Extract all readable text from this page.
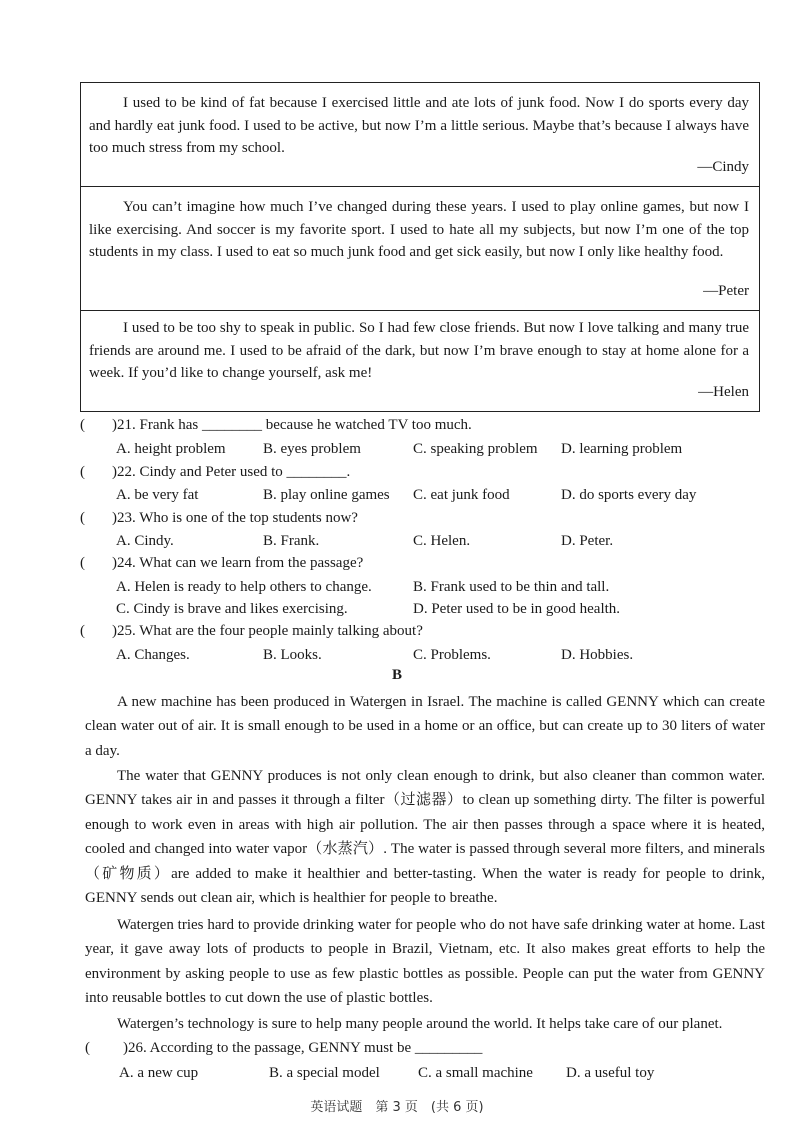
I used to be kind of fat because I exercised little and ate lots of junk food. Now I do sports every day and hardly eat junk food. I used to be active, but now I’m a little serious. Maybe that’s because I always have too much stress from my school.

—Cindy

You can’t imagine how much I’ve changed during these years. I used to play online games, but now I like exercising. And soccer is my favorite sport. I used to hate all my subjects, but now I’m one of the top students in my class. I used to eat so much junk food and get sick easily, but now I only like healthy food.

—Peter

I used to be too shy to speak in public. So I had few close friends. But now I love talking and many true friends are around me. I used to be afraid of the dark, but now I’m brave enough to stay at home alone for a week. If you’d like to change yourself, ask me!

—Helen
( )21. Frank has ________ because he watched TV too much.
A. height problem B. eyes problem	C. speaking problem D. learning problem
( )22. Cindy and Peter used to ________.
A. be very fat	B. play online games C. eat junk food	D. do sports every day
( )23. Who is one of the top students now?
A. Cindy.	B. Frank.	C. Helen.	D. Peter.
( )24. What can we learn from the passage?
A. Helen is ready to help others to change.	B. Frank used to be thin and tall.
C. Cindy is brave and likes exercising.	D. Peter used to be in good health.
( )25. What are the four people mainly talking about?
A. Changes.	B. Looks.	C. Problems.	D. Hobbies.
B

A new machine has been produced in Watergen in Israel. The machine is called GENNY which can create clean water out of air. It is small enough to be used in a home or an office, but can create up to 30 liters of water a day.

The water that GENNY produces is not only clean enough to drink, but also cleaner than common water. GENNY takes air in and passes it through a filter（过滤器）to clean up something dirty. The filter is powerful enough to work even in areas with high air pollution. The air then passes through a space where it is heated, cooled and changed into water vapor（水蒸汽）. The water is passed through several more filters, and minerals（矿物质）are added to make it healthier and better-tasting. When the water is ready for people to drink, GENNY sends out clean air, which is healthier for people to breathe.

Watergen tries hard to provide drinking water for people who do not have safe drinking water at home. Last year, it gave away lots of products to people in Brazil, Vietnam, etc. It also makes great efforts to help the environment by asking people to use as few plastic bottles as possible. People can put the water from GENNY into reusable bottles to cut down the use of plastic bottles.

Watergen’s technology is sure to help many people around the world. It helps take care of our planet.

( )26. According to the passage, GENNY must be _________
A. a new cup	B. a special model	C. a small machine D. a useful toy
英语试题　第 3 页　(共 6 页)
